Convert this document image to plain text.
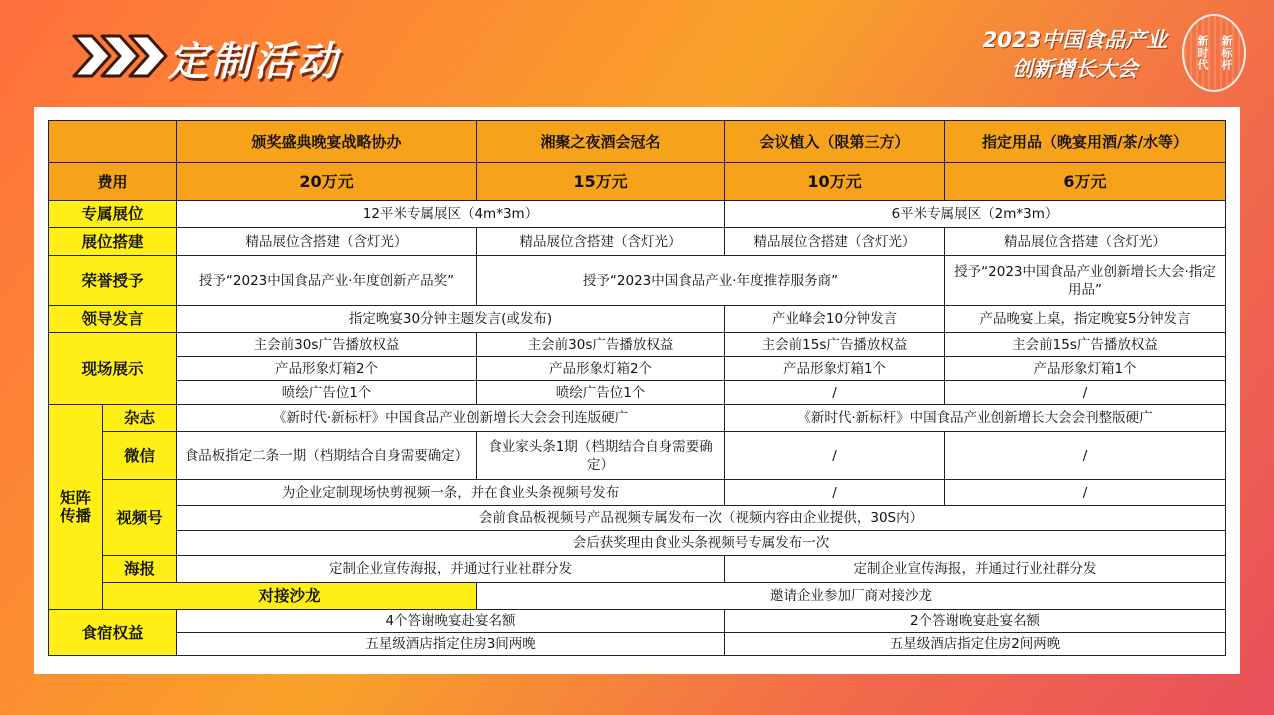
定制活动	2023中国食品产业
创新增长大会	新时代 新标杆
		颁奖盛典晚宴战略协办	湘聚之夜酒会冠名	会议植入（限第三方）	指定用品（晚宴用酒/茶/水等）
费用		20万元	15万元	10万元	6万元
专属展位		12平米专属展区（4m*3m）		6平米专属展区（2m*3m）	
展位搭建		精品展位含搭建（含灯光）	精品展位含搭建（含灯光）	精品展位含搭建（含灯光）	精品展位含搭建（含灯光）
荣誉授予		授予“2023中国食品产业·年度创新产品奖”	授予“2023中国食品产业·年度推荐服务商”		授予“2023中国食品产业创新增长大会·指定用品”
领导发言		指定晚宴30分钟主题发言(或发布)		产业峰会10分钟发言	产品晚宴上桌，指定晚宴5分钟发言
现场展示		主会前30s广告播放权益	主会前30s广告播放权益	主会前15s广告播放权益	主会前15s广告播放权益
		产品形象灯箱2个	产品形象灯箱2个	产品形象灯箱1个	产品形象灯箱1个
		喷绘广告位1个	喷绘广告位1个	/	/
矩阵传播	杂志	《新时代·新标杆》中国食品产业创新增长大会会刊连版硬广		《新时代·新标杆》中国食品产业创新增长大会会刊整版硬广	
	微信	食品板指定二条一期（档期结合自身需要确定）	食业家头条1期（档期结合自身需要确定）	/	/
	视频号	为企业定制现场快剪视频一条，并在食业头条视频号发布		/	/
		会前食品板视频号产品视频专属发布一次（视频内容由企业提供，30S内）			
		会后获奖理由食业头条视频号专属发布一次			
	海报	定制企业宣传海报，并通过行业社群分发		定制企业宣传海报，并通过行业社群分发	
	对接沙龙		邀请企业参加厂商对接沙龙		
食宿权益		4个答谢晚宴赴宴名额		2个答谢晚宴赴宴名额	
		五星级酒店指定住房3间两晚		五星级酒店指定住房2间两晚	
